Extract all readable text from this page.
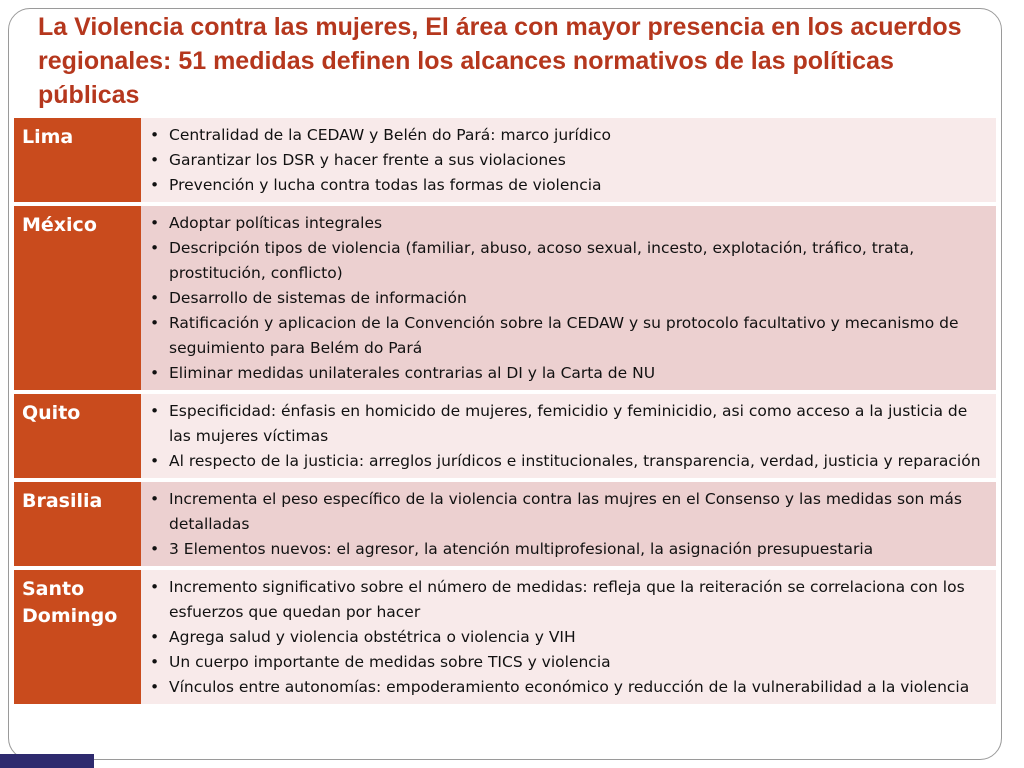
La Violencia contra las mujeres, El área con mayor presencia en los acuerdos regionales: 51 medidas definen los alcances normativos de las políticas públicas
Lima	• Centralidad de la CEDAW y Belén do Pará: marco jurídico
• Garantizar los DSR y hacer frente a sus violaciones
• Prevención y lucha contra todas las formas de violencia
México	• Adoptar políticas integrales
• Descripción tipos de violencia (familiar, abuso, acoso sexual, incesto, explotación, tráfico, trata, prostitución, conflicto)
• Desarrollo de sistemas de información
• Ratificación y aplicacion de la Convención sobre la CEDAW y su protocolo facultativo y mecanismo de seguimiento para Belém do Pará
• Eliminar medidas unilaterales contrarias al DI y la Carta de NU
Quito	• Especificidad: énfasis en homicido de mujeres, femicidio y feminicidio, asi como acceso a la justicia de las mujeres víctimas
• Al respecto de la justicia: arreglos jurídicos e institucionales, transparencia, verdad, justicia y reparación
Brasilia	• Incrementa el peso específico de la violencia contra las mujres en el Consenso y las medidas son más detalladas
• 3 Elementos nuevos: el agresor, la atención multiprofesional, la asignación presupuestaria
Santo Domingo
• Incremento significativo sobre el número de medidas: refleja que la reiteración se correlaciona con los esfuerzos que quedan por hacer
• Agrega salud y violencia obstétrica o violencia y VIH
• Un cuerpo importante de medidas sobre TICS y violencia
• Vínculos entre autonomías: empoderamiento económico y reducción de la vulnerabilidad a la violencia
